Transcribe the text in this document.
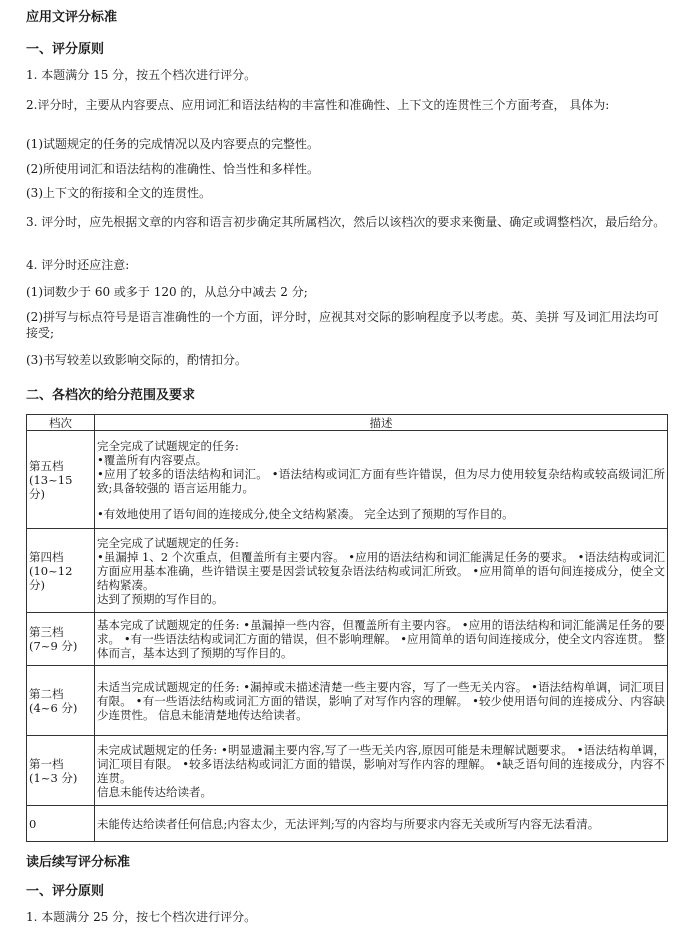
应用文评分标准
一、评分原则
1. 本题满分 15 分，按五个档次进行评分。
2.评分时，主要从内容要点、应用词汇和语法结构的丰富性和准确性、上下文的连贯性三个方面考查， 具体为:
(1)试题规定的任务的完成情况以及内容要点的完整性。
(2)所使用词汇和语法结构的准确性、恰当性和多样性。
(3)上下文的衔接和全文的连贯性。
3. 评分时，应先根据文章的内容和语言初步确定其所属档次，然后以该档次的要求来衡量、确定或调整档次，最后给分。
4. 评分时还应注意:
(1)词数少于 60 或多于 120 的，从总分中减去 2 分;
(2)拼写与标点符号是语言准确性的一个方面，评分时，应视其对交际的影响程度予以考虑。英、美拼 写及词汇用法均可接受;
(3)书写较差以致影响交际的，酌情扣分。
二、各档次的给分范围及要求
档次	描述

第五档
(13~15
分)	完全完成了试题规定的任务:
•覆盖所有内容要点。
•应用了较多的语法结构和词汇。 •语法结构或词汇方面有些许错误，但为尽力使用较复杂结构或较高级词汇所致;具备较强的 语言运用能力。
•有效地使用了语句间的连接成分,使全文结构紧凑。 完全达到了预期的写作目的。

第四档
(10~12
分)	完全完成了试题规定的任务:
•虽漏掉 1、2 个次重点，但覆盖所有主要内容。 •应用的语法结构和词汇能满足任务的要求。 •语法结构或词汇方面应用基本准确，些许错误主要是因尝试较复杂语法结构或词汇所致。 •应用简单的语句间连接成分，使全文结构紧凑。
达到了预期的写作目的。

第三档
(7~9 分)	基本完成了试题规定的任务: •虽漏掉一些内容，但覆盖所有主要内容。 •应用的语法结构和词汇能满足任务的要求。 •有一些语法结构或词汇方面的错误，但不影响理解。 •应用简单的语句间连接成分，使全文内容连贯。 整体而言，基本达到了预期的写作目的。

第二档
(4~6 分)	未适当完成试题规定的任务: •漏掉或未描述清楚一些主要内容，写了一些无关内容。 •语法结构单调，词汇项目有限。 •有一些语法结构或词汇方面的错误，影响了对写作内容的理解。 •较少使用语句间的连接成分、内容缺少连贯性。 信息未能清楚地传达给读者。

第一档
(1~3 分)	未完成试题规定的任务: •明显遗漏主要内容,写了一些无关内容,原因可能是未理解试题要求。 •语法结构单调，词汇项目有限。 •较多语法结构或词汇方面的错误，影响对写作内容的理解。 •缺乏语句间的连接成分，内容不连贯。
信息未能传达给读者。

0	未能传达给读者任何信息;内容太少，无法评判;写的内容均与所要求内容无关或所写内容无法看清。
读后续写评分标准
一、评分原则
1. 本题满分 25 分，按七个档次进行评分。
